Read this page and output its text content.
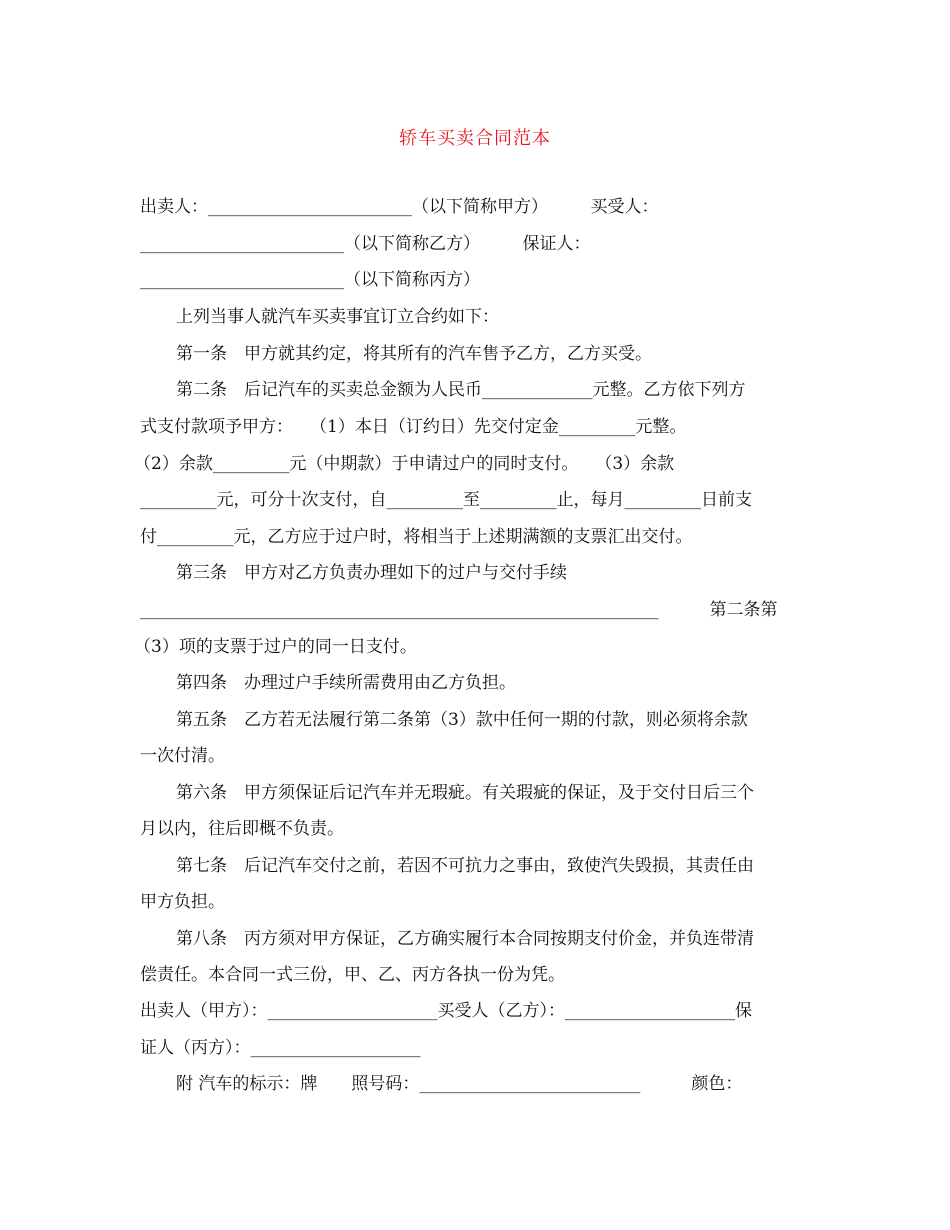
轿车买卖合同范本
出卖人：________________________（以下简称甲方）　　　买受人：
________________________（以下简称乙方）　　　保证人：
________________________（以下简称丙方）
上列当事人就汽车买卖事宜订立合约如下：
第一条　甲方就其约定，将其所有的汽车售予乙方，乙方买受。
第二条　后记汽车的买卖总金额为人民币_____________元整。乙方依下列方
式支付款项予甲方：　　（1）本日（订约日）先交付定金_________元整。
（2）余款_________元（中期款）于申请过户的同时支付。　　（3）余款
_________元，可分十次支付，自_________至_________止，每月_________日前支
付_________元，乙方应于过户时，将相当于上述期满额的支票汇出交付。
第三条　甲方对乙方负责办理如下的过户与交付手续
_____________________________________________________________　　　第二条第
（3）项的支票于过户的同一日支付。
第四条　办理过户手续所需费用由乙方负担。
第五条　乙方若无法履行第二条第（3）款中任何一期的付款，则必须将余款
一次付清。
第六条　甲方须保证后记汽车并无瑕疵。有关瑕疵的保证，及于交付日后三个
月以内，往后即概不负责。
第七条　后记汽车交付之前，若因不可抗力之事由，致使汽失毁损，其责任由
甲方负担。
第八条　丙方须对甲方保证，乙方确实履行本合同按期支付价金，并负连带清
偿责任。本合同一式三份，甲、乙、丙方各执一份为凭。
出卖人（甲方）：____________________买受人（乙方）：____________________保
证人（丙方）：____________________
附 汽车的标示：牌　　照号码：__________________________　　　颜色：
